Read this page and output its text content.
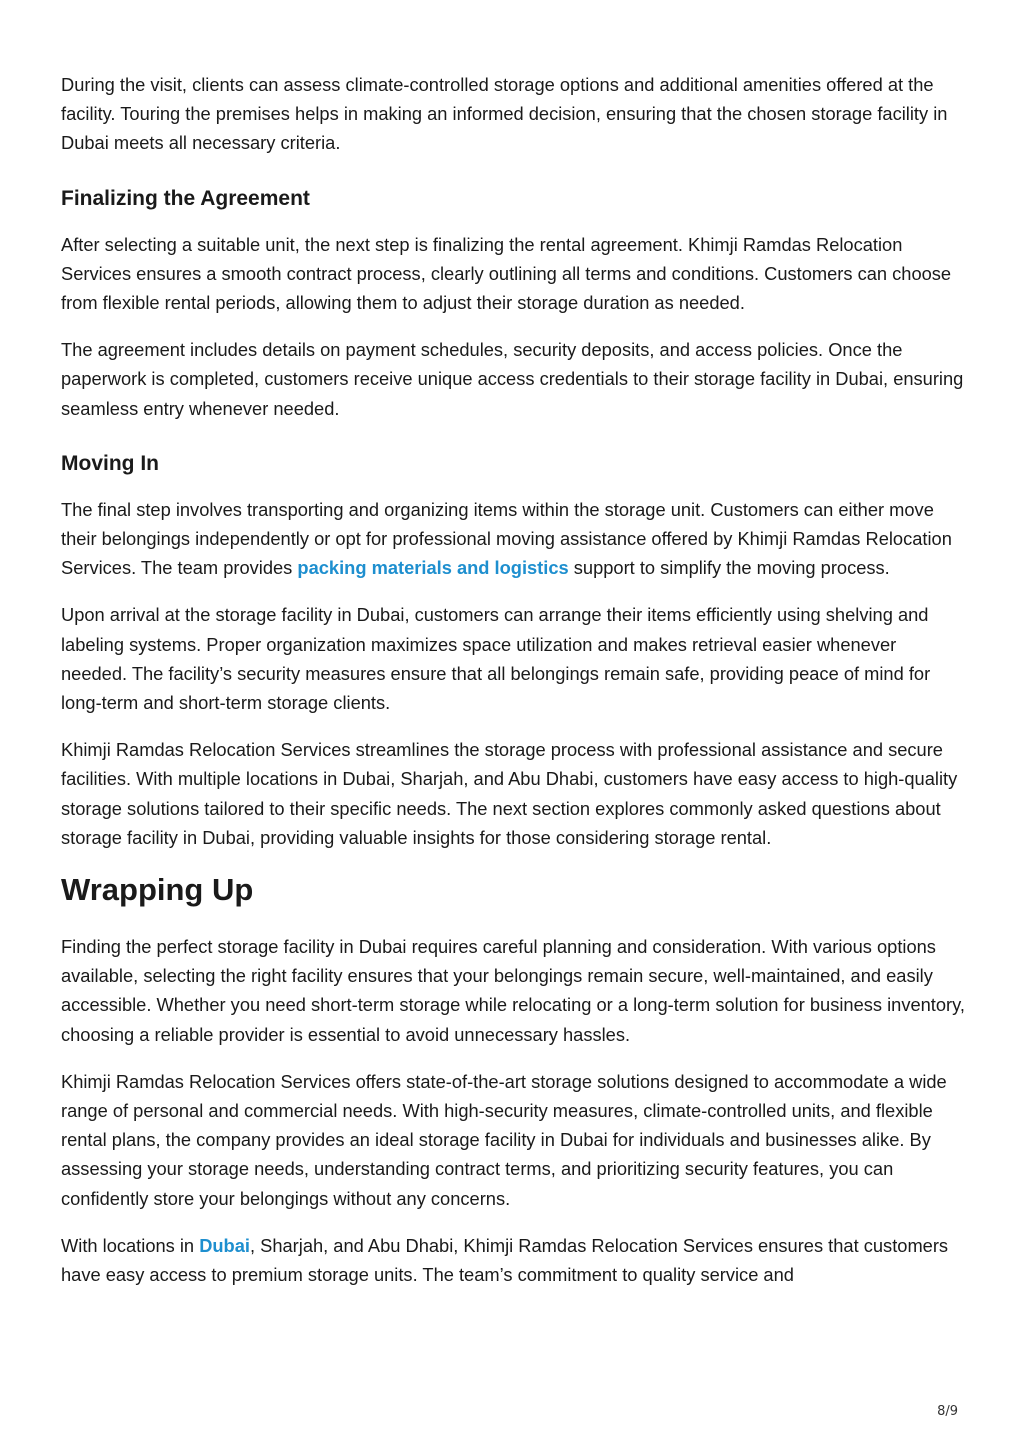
During the visit, clients can assess climate-controlled storage options and additional amenities offered at the facility. Touring the premises helps in making an informed decision, ensuring that the chosen storage facility in Dubai meets all necessary criteria.

Finalizing the Agreement

After selecting a suitable unit, the next step is finalizing the rental agreement. Khimji Ramdas Relocation Services ensures a smooth contract process, clearly outlining all terms and conditions. Customers can choose from flexible rental periods, allowing them to adjust their storage duration as needed.

The agreement includes details on payment schedules, security deposits, and access policies. Once the paperwork is completed, customers receive unique access credentials to their storage facility in Dubai, ensuring seamless entry whenever needed.

Moving In

The final step involves transporting and organizing items within the storage unit. Customers can either move their belongings independently or opt for professional moving assistance offered by Khimji Ramdas Relocation Services. The team provides packing materials and logistics support to simplify the moving process.

Upon arrival at the storage facility in Dubai, customers can arrange their items efficiently using shelving and labeling systems. Proper organization maximizes space utilization and makes retrieval easier whenever needed. The facility’s security measures ensure that all belongings remain safe, providing peace of mind for long-term and short-term storage clients.

Khimji Ramdas Relocation Services streamlines the storage process with professional assistance and secure facilities. With multiple locations in Dubai, Sharjah, and Abu Dhabi, customers have easy access to high-quality storage solutions tailored to their specific needs. The next section explores commonly asked questions about storage facility in Dubai, providing valuable insights for those considering storage rental.

Wrapping Up

Finding the perfect storage facility in Dubai requires careful planning and consideration. With various options available, selecting the right facility ensures that your belongings remain secure, well-maintained, and easily accessible. Whether you need short-term storage while relocating or a long-term solution for business inventory, choosing a reliable provider is essential to avoid unnecessary hassles.

Khimji Ramdas Relocation Services offers state-of-the-art storage solutions designed to accommodate a wide range of personal and commercial needs. With high-security measures, climate-controlled units, and flexible rental plans, the company provides an ideal storage facility in Dubai for individuals and businesses alike. By assessing your storage needs, understanding contract terms, and prioritizing security features, you can confidently store your belongings without any concerns.

With locations in Dubai, Sharjah, and Abu Dhabi, Khimji Ramdas Relocation Services ensures that customers have easy access to premium storage units. The team’s commitment to quality service and

8/9
